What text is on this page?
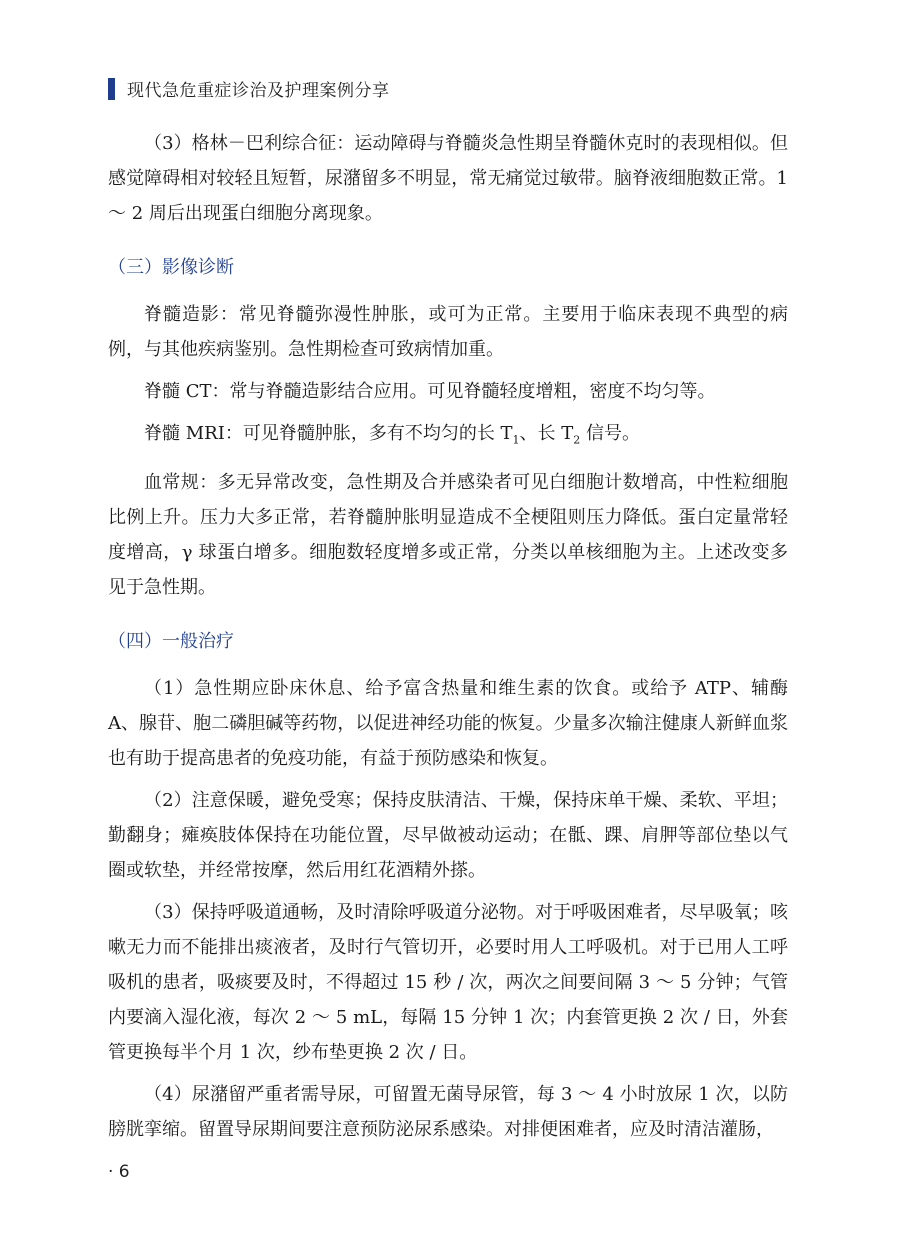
现代急危重症诊治及护理案例分享

（3）格林－巴利综合征：运动障碍与脊髓炎急性期呈脊髓休克时的表现相似。但感觉障碍相对较轻且短暂，尿潴留多不明显，常无痛觉过敏带。脑脊液细胞数正常。1 ～ 2 周后出现蛋白细胞分离现象。

（三）影像诊断

脊髓造影：常见脊髓弥漫性肿胀，或可为正常。主要用于临床表现不典型的病例，与其他疾病鉴别。急性期检查可致病情加重。

脊髓 CT：常与脊髓造影结合应用。可见脊髓轻度增粗，密度不均匀等。

脊髓 MRI：可见脊髓肿胀，多有不均匀的长 $T_1$、长 $T_2$ 信号。

血常规：多无异常改变，急性期及合并感染者可见白细胞计数增高，中性粒细胞比例上升。压力大多正常，若脊髓肿胀明显造成不全梗阻则压力降低。蛋白定量常轻度增高，γ 球蛋白增多。细胞数轻度增多或正常，分类以单核细胞为主。上述改变多见于急性期。

（四）一般治疗

（1）急性期应卧床休息、给予富含热量和维生素的饮食。或给予 ATP、辅酶 A、腺苷、胞二磷胆碱等药物，以促进神经功能的恢复。少量多次输注健康人新鲜血浆也有助于提高患者的免疫功能，有益于预防感染和恢复。

（2）注意保暖，避免受寒；保持皮肤清洁、干燥，保持床单干燥、柔软、平坦；勤翻身；瘫痪肢体保持在功能位置，尽早做被动运动；在骶、踝、肩胛等部位垫以气圈或软垫，并经常按摩，然后用红花酒精外搽。

（3）保持呼吸道通畅，及时清除呼吸道分泌物。对于呼吸困难者，尽早吸氧；咳嗽无力而不能排出痰液者，及时行气管切开，必要时用人工呼吸机。对于已用人工呼吸机的患者，吸痰要及时，不得超过 15 秒 / 次，两次之间要间隔 3 ～ 5 分钟；气管内要滴入湿化液，每次 2 ～ 5 mL，每隔 15 分钟 1 次；内套管更换 2 次 / 日，外套管更换每半个月 1 次，纱布垫更换 2 次 / 日。

（4）尿潴留严重者需导尿，可留置无菌导尿管，每 3 ～ 4 小时放尿 1 次，以防膀胱挛缩。留置导尿期间要注意预防泌尿系感染。对排便困难者，应及时清洁灌肠，

· 6
